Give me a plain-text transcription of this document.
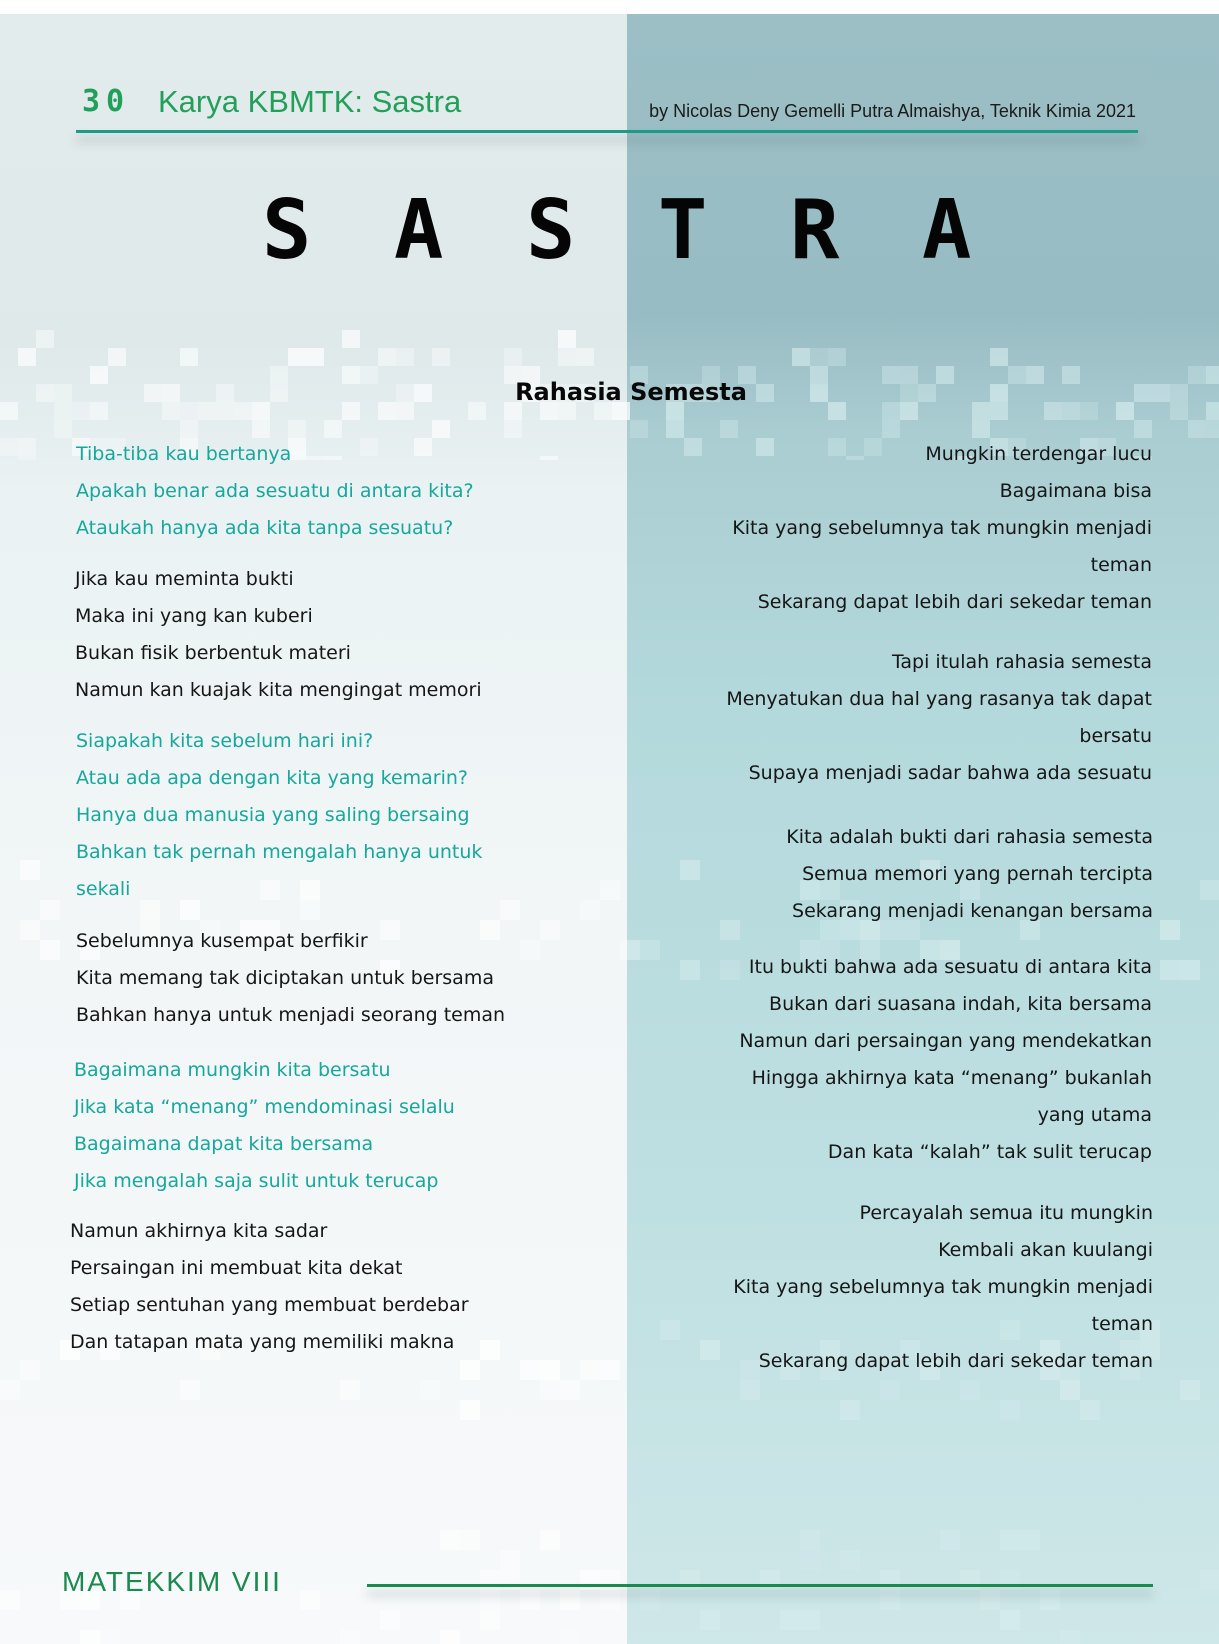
30 Karya KBMTK: Sastra	by Nicolas Deny Gemelli Putra Almaishya, Teknik Kimia 2021
S A S T R A
Rahasia Semesta
Tiba-tiba kau bertanya
Apakah benar ada sesuatu di antara kita?
Ataukah hanya ada kita tanpa sesuatu?
Jika kau meminta bukti
Maka ini yang kan kuberi
Bukan fisik berbentuk materi
Namun kan kuajak kita mengingat memori
Siapakah kita sebelum hari ini?
Atau ada apa dengan kita yang kemarin?
Hanya dua manusia yang saling bersaing
Bahkan tak pernah mengalah hanya untuk
sekali
Sebelumnya kusempat berfikir
Kita memang tak diciptakan untuk bersama
Bahkan hanya untuk menjadi seorang teman
Bagaimana mungkin kita bersatu
Jika kata “menang” mendominasi selalu
Bagaimana dapat kita bersama
Jika mengalah saja sulit untuk terucap
Namun akhirnya kita sadar
Persaingan ini membuat kita dekat
Setiap sentuhan yang membuat berdebar
Dan tatapan mata yang memiliki makna
Mungkin terdengar lucu
Bagaimana bisa
Kita yang sebelumnya tak mungkin menjadi
teman
Sekarang dapat lebih dari sekedar teman
Tapi itulah rahasia semesta
Menyatukan dua hal yang rasanya tak dapat
bersatu
Supaya menjadi sadar bahwa ada sesuatu
Kita adalah bukti dari rahasia semesta
Semua memori yang pernah tercipta
Sekarang menjadi kenangan bersama
Itu bukti bahwa ada sesuatu di antara kita
Bukan dari suasana indah, kita bersama
Namun dari persaingan yang mendekatkan
Hingga akhirnya kata “menang” bukanlah
yang utama
Dan kata “kalah” tak sulit terucap
Percayalah semua itu mungkin
Kembali akan kuulangi
Kita yang sebelumnya tak mungkin menjadi
teman
Sekarang dapat lebih dari sekedar teman
MATEKKIM VIII
